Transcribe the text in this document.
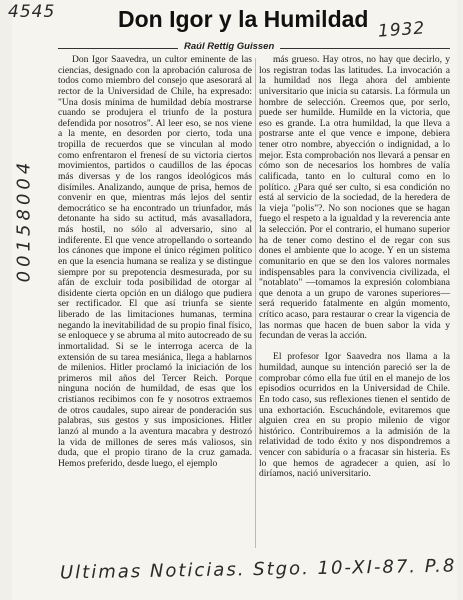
4545
1932
00158004
Don Igor y la Humildad
Raúl Rettig Guissen

Don Igor Saavedra, un cultor eminente de las ciencias, designado con la aprobación calurosa de todos como miembro del consejo que asesorará al rector de la Universidad de Chile, ha expresado: "Una dosis mínima de humildad debía mostrarse cuando se produjera el triunfo de la postura defendida por nosotros". Al leer eso, se nos viene a la mente, en desorden por cierto, toda una tropilla de recuerdos que se vinculan al modo como enfrentaron el frenesí de su victoria ciertos movimientos, partidos o caudillos de las épocas más diversas y de los rangos ideológicos más disímiles. Analizando, aunque de prisa, hemos de convenir en que, mientras más lejos del sentir democrático se ha encontrado un triunfador, más detonante ha sido su actitud, más avasalladora, más hostil, no sólo al adversario, sino al indiferente. El que vence atropellando o sorteando los cánones que impone el único régimen político en que la esencia humana se realiza y se distingue siempre por su prepotencia desmesurada, por su afán de excluir toda posibilidad de otorgar al disidente cierta opción en un diálogo que pudiera ser rectificador. El que así triunfa se siente liberado de las limitaciones humanas, termina negando la inevitabilidad de su propio final físico, se enloquece y se abruma al mito autocreado de su inmortalidad. Si se le interroga acerca de la extensión de su tarea mesiánica, llega a hablarnos de milenios. Hitler proclamó la iniciación de los primeros mil años del Tercer Reich. Porque ninguna noción de humildad, de esas que los cristianos recibimos con fe y nosotros extraemos de otros caudales, supo airear de ponderación sus palabras, sus gestos y sus imposiciones. Hitler lanzó al mundo a la aventura macabra y destrozó la vida de millones de seres más valiosos, sin duda, que el propio tirano de la cruz gamada. Hemos preferido, desde luego, el ejemplo

más grueso. Hay otros, no hay que decirlo, y los registran todas las latitudes. La invocación a la humildad nos llega ahora del ambiente universitario que inicia su catarsis. La fórmula un hombre de selección. Creemos que, por serlo, puede ser humilde. Humilde en la victoria, que eso es grande. La otra humildad, la que lleva a postrarse ante el que vence e impone, debiera tener otro nombre, abyección o indignidad, a lo mejor. Esta comprobación nos llevará a pensar en cómo son de necesarios los hombres de valía calificada, tanto en lo cultural como en lo político. ¿Para qué ser culto, si esa condición no está al servicio de la sociedad, de la heredera de la vieja "polis"?. No son nociones que se hagan fuego el respeto a la igualdad y la reverencia ante la selección. Por el contrario, el humano superior ha de tener como destino el de regar con sus dones el ambiente que lo acoge. Y en un sistema comunitario en que se den los valores normales indispensables para la convivencia civilizada, el "notablato" —tomamos la expresión colombiana que denota a un grupo de varones superiores— será requerido fatalmente en algún momento, crítico acaso, para restaurar o crear la vigencia de las normas que hacen de buen sabor la vida y fecundan de veras la acción.

El profesor Igor Saavedra nos llama a la humildad, aunque su intención pareció ser la de comprobar cómo ella fue útil en el manejo de los episodios ocurridos en la Universidad de Chile. En todo caso, sus reflexiones tienen el sentido de una exhortación. Escuchándole, evitaremos que alguien crea en su propio milenio de vigor histórico. Contribuiremos a la admisión de la relatividad de todo éxito y nos dispondremos a vencer con sabiduría o a fracasar sin histeria. Es lo que hemos de agradecer a quien, así lo diríamos, nació universitario.

Ultimas Noticias. Stgo. 10-XI-87. P.8
